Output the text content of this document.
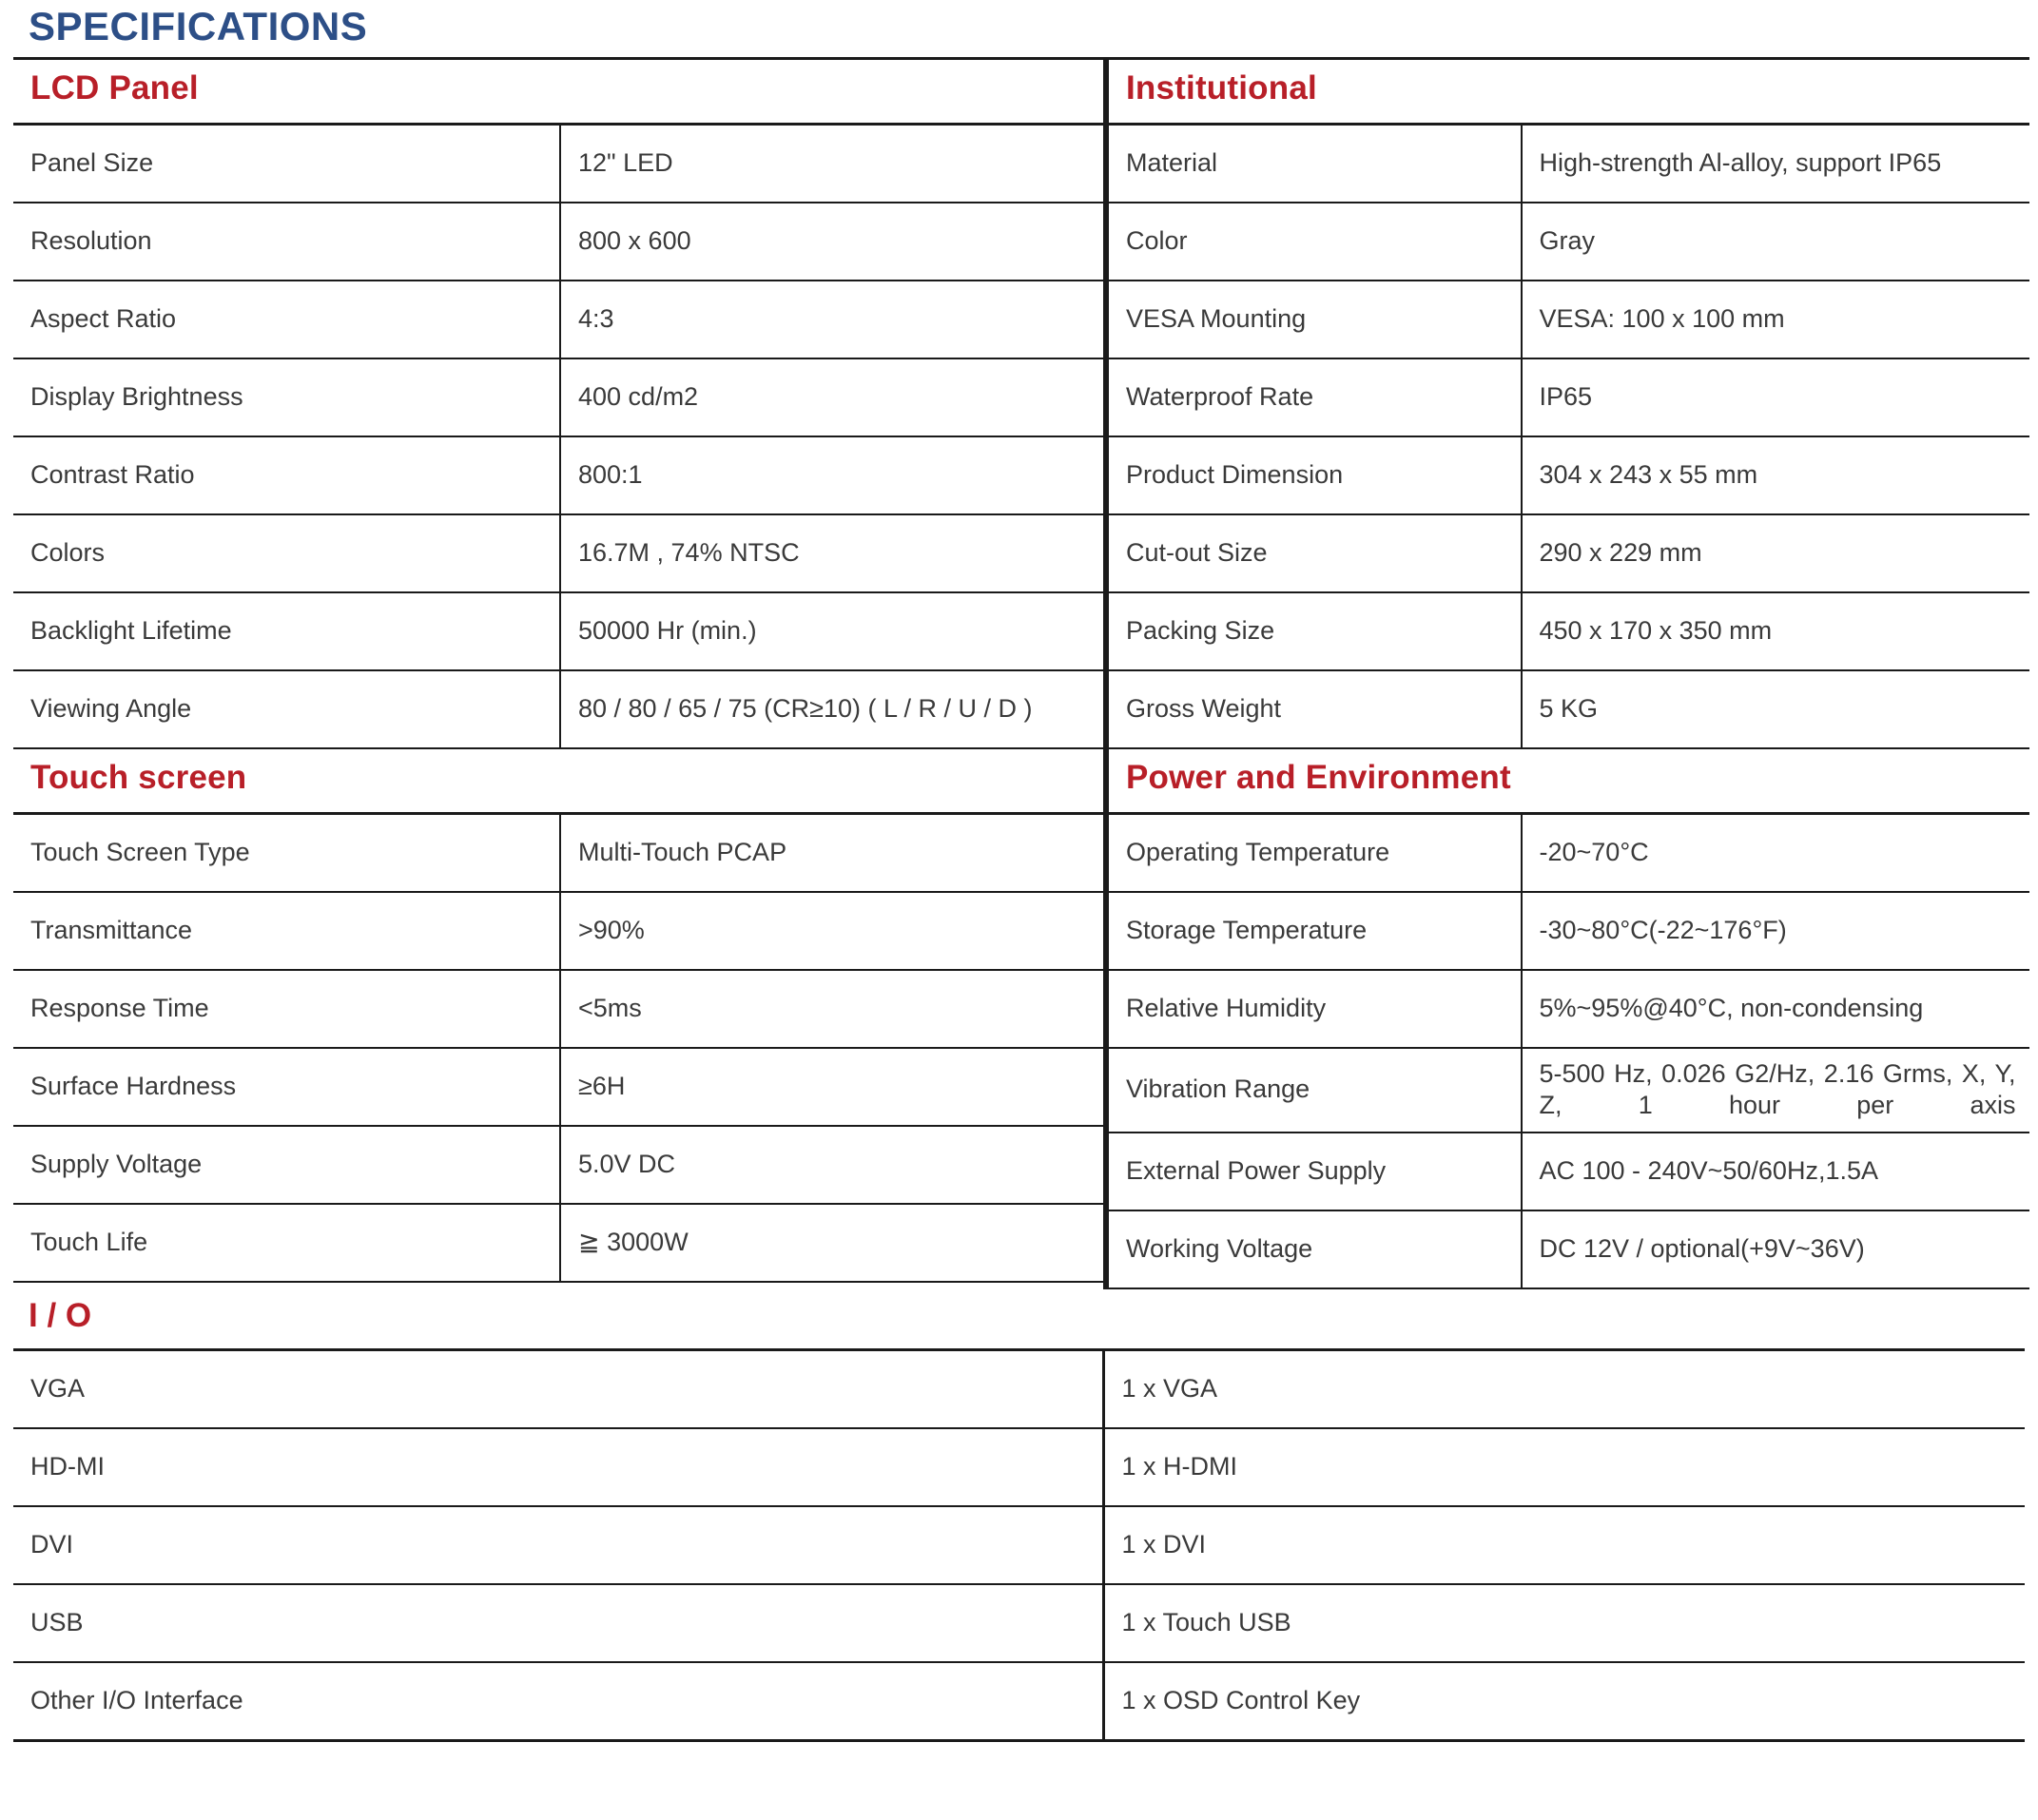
SPECIFICATIONS
LCD Panel	
Panel Size	12" LED
Resolution	800 x 600
Aspect Ratio	4:3
Display Brightness	400 cd/m2
Contrast Ratio	800:1
Colors	16.7M , 74% NTSC
Backlight Lifetime	50000 Hr (min.)
Viewing Angle	80 / 80 / 65 / 75 (CR≥10) ( L / R / U / D )
Institutional	
Material	High-strength Al-alloy, support IP65
Color	Gray
VESA Mounting	VESA: 100 x 100 mm
Waterproof Rate	IP65
Product Dimension	304 x 243 x 55 mm
Cut-out Size	290 x 229 mm
Packing Size	450 x 170 x 350 mm
Gross Weight	5 KG
Touch screen	
Touch Screen Type	Multi-Touch PCAP
Transmittance	>90%
Response Time	<5ms
Surface Hardness	≥6H
Supply Voltage	5.0V DC
Touch Life	≧ 3000W
Power and Environment	
Operating Temperature	-20~70°C
Storage Temperature	-30~80°C(-22~176°F)
Relative Humidity	5%~95%@40°C, non-condensing
Vibration Range	5-500 Hz, 0.026 G2/Hz, 2.16 Grms, X, Y, Z, 1 hour per axis
External Power Supply	AC 100 - 240V~50/60Hz,1.5A
Working Voltage	DC 12V / optional(+9V~36V)
I / O	
VGA	1 x VGA
HD-MI	1 x H-DMI
DVI	1 x DVI
USB	1 x Touch USB
Other I/O Interface	1 x OSD Control Key
